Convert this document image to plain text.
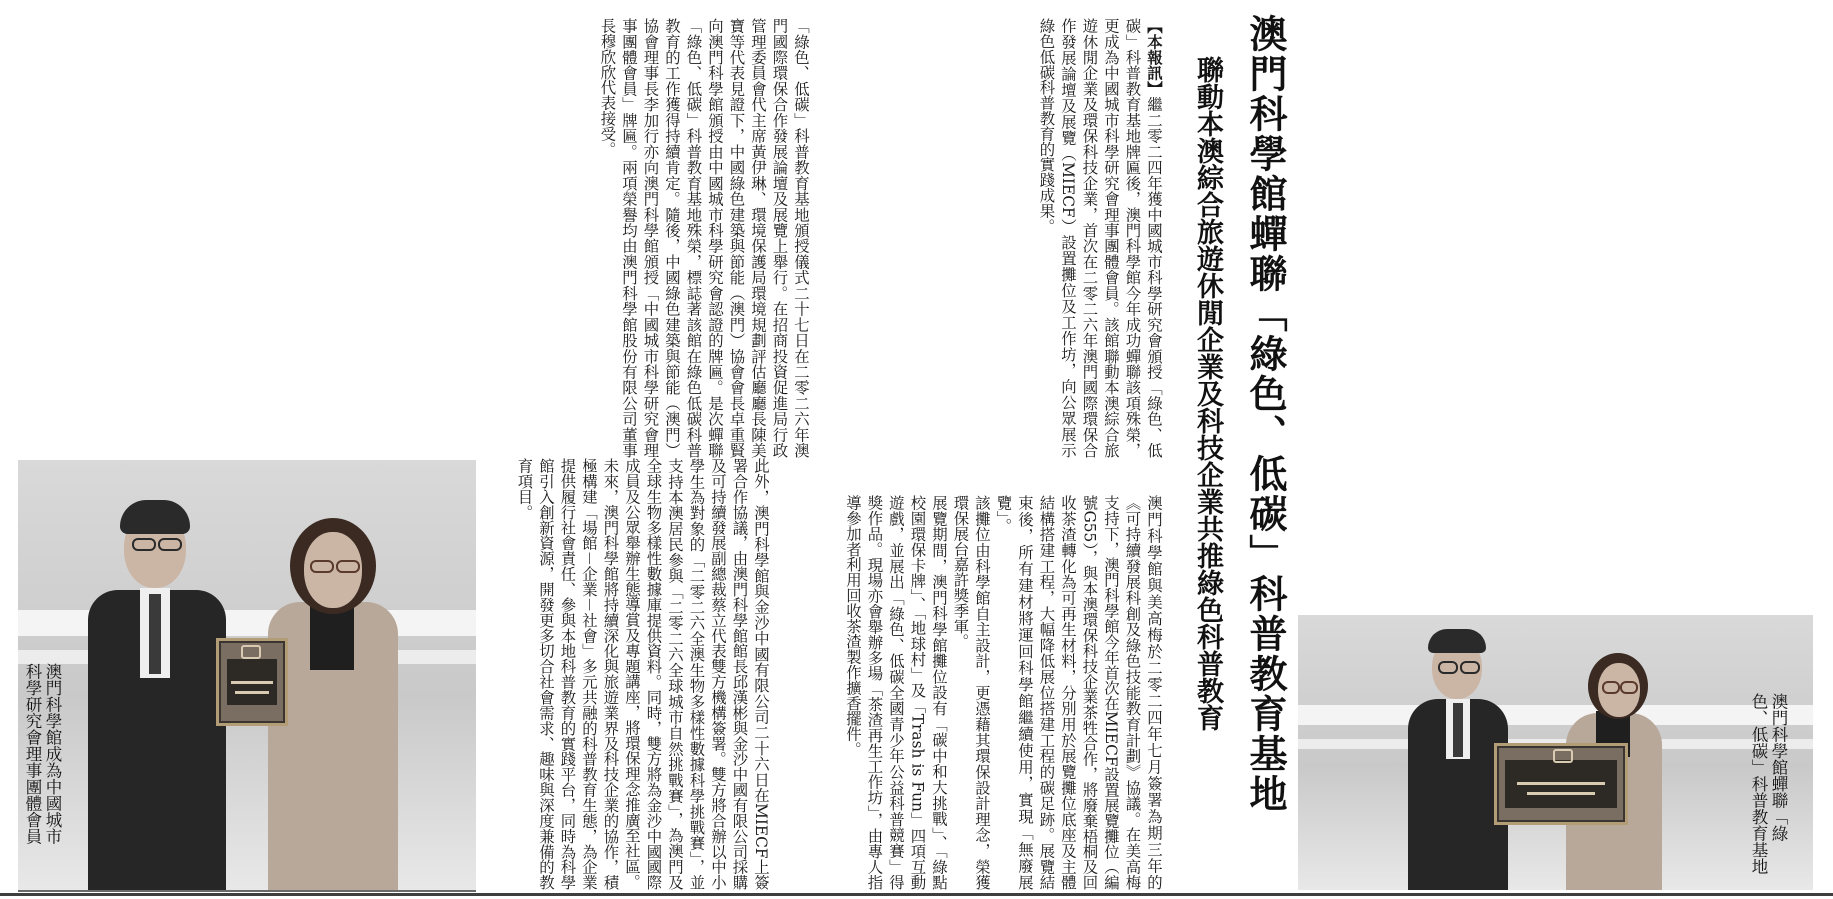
澳門科學館蟬聯「綠色、低碳」科普教育基地
聯動本澳綜合旅遊休閒企業及科技企業共推綠色科普教育
【本報訊】繼二零二四年獲中國城市科學研究會頒授「綠色、低碳」科普教育基地牌匾後，澳門科學館今年成功蟬聯該項殊榮，更成為中國城市科學研究會理事團體會員。該館聯動本澳綜合旅遊休閒企業及環保科技企業，首次在二零二六年澳門國際環保合作發展論壇及展覽（MIECF）設置攤位及工作坊，向公眾展示綠色低碳科普教育的實踐成果。
「綠色、低碳」科普教育基地頒授儀式二十七日在二零二六年澳門國際環保合作發展論壇及展覽上舉行。在招商投資促進局行政管理委員會代主席黃伊琳、環境保護局環境規劃評估廳廳長陳美寶等代表見證下，中國綠色建築與節能（澳門）協會會長卓重賢向澳門科學館頒授由中國城市科學研究會認證的牌匾。是次蟬聯「綠色、低碳」科普教育基地殊榮，標誌著該館在綠色低碳科普教育的工作獲得持續肯定。隨後，中國綠色建築與節能（澳門）協會理事長李加行亦向澳門科學館頒授「中國城市科學研究會理事團體會員」牌匾。兩項榮譽均由澳門科學館股份有限公司董事長穆欣欣代表接受。
澳門科學館與美高梅於二零二四年七月簽署為期三年的《可持續發展科創及綠色技能教育計劃》協議。在美高梅支持下，澳門科學館今年首次在MIECF設置展覽攤位（編號G55），與本澳環保科技企業茶牲合作，將廢棄梧桐及回收茶渣轉化為可再生材料，分別用於展覽攤位底座及主體結構搭建工程，大幅降低展位搭建工程的碳足跡。展覽結束後，所有建材將運回科學館繼續使用，實現「無廢展覽」。
該攤位由科學館自主設計，更憑藉其環保設計理念，榮獲環保展台嘉許獎季軍。
展覽期間，澳門科學館攤位設有「碳中和大挑戰」、「綠點校園環保卡牌」、「地球村」及「Trash is Fun」四項互動遊戲，並展出「綠色、低碳全國青少年公益科普競賽」得獎作品。現場亦會舉辦多場「茶渣再生工作坊」，由專人指導參加者利用回收茶渣製作擴香擺件。
此外，澳門科學館與金沙中國有限公司二十六日在MIECF上簽署合作協議，由澳門科學館館長邱漢彬與金沙中國有限公司採購及可持續發展副總裁蔡立代表雙方機構簽署。雙方將合辦以中小學生為對象的「二零二六全澳生物多樣性數據科學挑戰賽」，並支持本澳居民參與「二零二六全球城市自然挑戰賽」，為澳門及全球生物多樣性數據庫提供資料。同時，雙方將為金沙中國國際成員及公眾舉辦生態導賞及專題講座，將環保理念推廣至社區。
未來，澳門科學館將持續深化與旅遊業界及科技企業的協作，積極構建「場館－企業－社會」多元共融的科普教育生態，為企業提供履行社會責任、參與本地科普教育的實踐平台，同時為科學館引入創新資源，開發更多切合社會需求、趣味與深度兼備的教育項目。
澳門科學館成為中國城市
科學研究會理事團體會員	澳門科學館蟬聯「綠
色、低碳」科普教育基地
